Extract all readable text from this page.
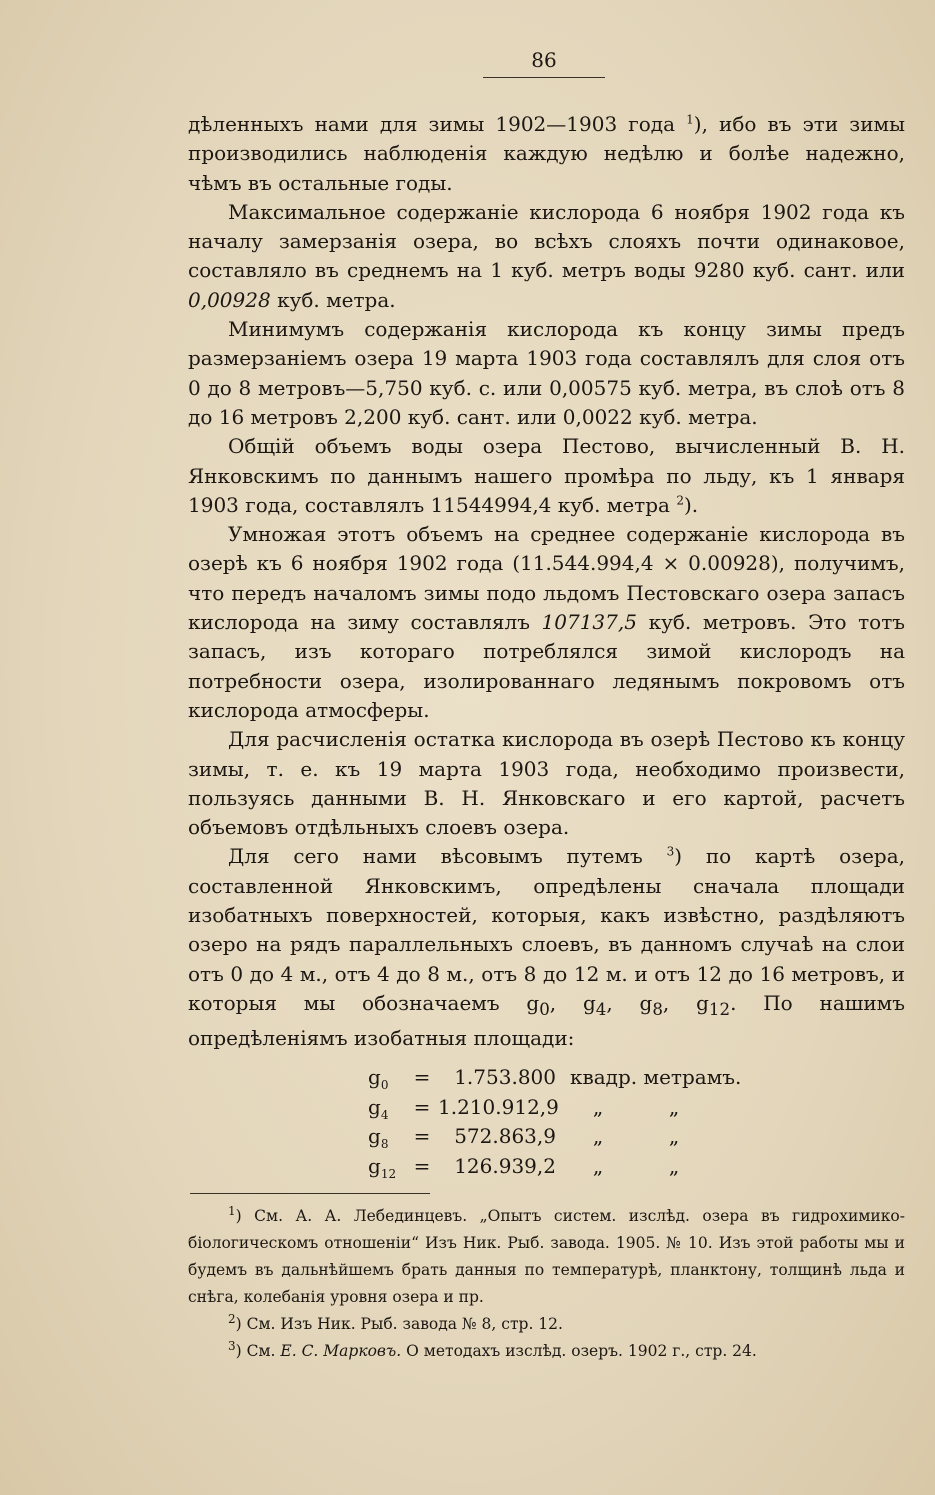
86

дѣленныхъ нами для зимы 1902—1903 года $^1$), ибо въ эти зимы производились наблюденія каждую недѣлю и болѣе надежно, чѣмъ въ остальные годы.

Максимальное содержаніе кислорода 6 ноября 1902 года къ началу замерзанія озера, во всѣхъ слояхъ почти одинаковое, составляло въ среднемъ на 1 куб. метръ воды 9280 куб. сант. или 0,00928 куб. метра.

Минимумъ содержанія кислорода къ концу зимы предъ размерзаніемъ озера 19 марта 1903 года составлялъ для слоя отъ 0 до 8 метровъ—5,750 куб. с. или 0,00575 куб. метра, въ слоѣ отъ 8 до 16 метровъ 2,200 куб. сант. или 0,0022 куб. метра.

Общій объемъ воды озера Пестово, вычисленный В. Н. Янковскимъ по даннымъ нашего промѣра по льду, къ 1 января 1903 года, составлялъ 11544994,4 куб. метра $^2$).

Умножая этотъ объемъ на среднее содержаніе кислорода въ озерѣ къ 6 ноября 1902 года (11.544.994,4 × 0.00928), получимъ, что передъ началомъ зимы подо льдомъ Пестовскаго озера запасъ кислорода на зиму составлялъ 107137,5 куб. метровъ. Это тотъ запасъ, изъ котораго потреблялся зимой кислородъ на потребности озера, изолированнаго ледянымъ покровомъ отъ кислорода атмосферы.

Для расчисленія остатка кислорода въ озерѣ Пестово къ концу зимы, т. е. къ 19 марта 1903 года, необходимо произвести, пользуясь данными В. Н. Янковскаго и его картой, расчетъ объемовъ отдѣльныхъ слоевъ озера.

Для сего нами вѣсовымъ путемъ $^3$) по картѣ озера, составленной Янковскимъ, опредѣлены сначала площади изобатныхъ поверхностей, которыя, какъ извѣстно, раздѣляютъ озеро на рядъ параллельныхъ слоевъ, въ данномъ случаѣ на слои отъ 0 до 4 м., отъ 4 до 8 м., отъ 8 до 12 м. и отъ 12 до 16 метровъ, и которыя мы обозначаемъ $g_0$, $g_4$, $g_8$, $g_{12}$. По нашимъ опредѣленіямъ изобатныя площади:

$g_0$	=	1.753.800 квадр. метрамъ.
$g_4$	= 1.210.912,9	„	„
$g_8$	=	572.863,9	„	„
$g_{12}$ =	126.939,2	„	„

$^1$) См. А. А. Лебединцевъ. „Опытъ систем. изслѣд. озера въ гидрохимико-біологическомъ отношеніи“ Изъ Ник. Рыб. завода. 1905. № 10. Изъ этой работы мы и будемъ въ дальнѣйшемъ брать данныя по температурѣ, планктону, толщинѣ льда и снѣга, колебанія уровня озера и пр.

$^2$) См. Изъ Ник. Рыб. завода № 8, стр. 12.

$^3$) См. Е. С. Марковъ. О методахъ изслѣд. озеръ. 1902 г., стр. 24.
